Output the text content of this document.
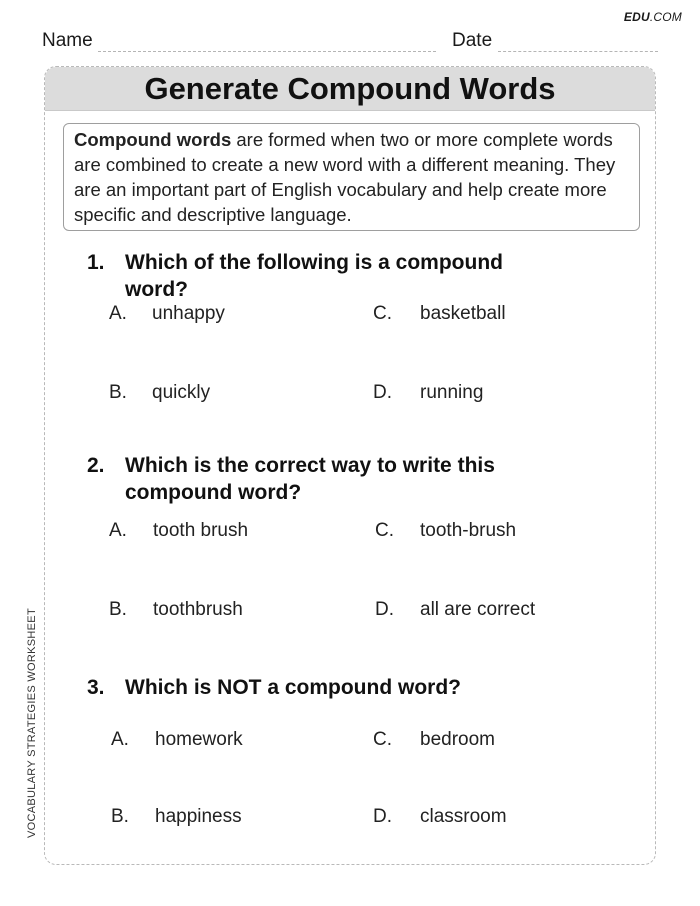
EDU.COM
Name	Date
Generate Compound Words
Compound words are formed when two or more complete words are combined to create a new word with a different meaning. They are an important part of English vocabulary and help create more specific and descriptive language.
1. Which of the following is a compound word?
A. unhappy
B. quickly
C. basketball
D. running
2. Which is the correct way to write this compound word?
A. tooth brush
B. toothbrush
C. tooth-brush
D. all are correct
3. Which is NOT a compound word?
A. homework
B. happiness
C. bedroom
D. classroom
VOCABULARY STRATEGIES WORKSHEET
